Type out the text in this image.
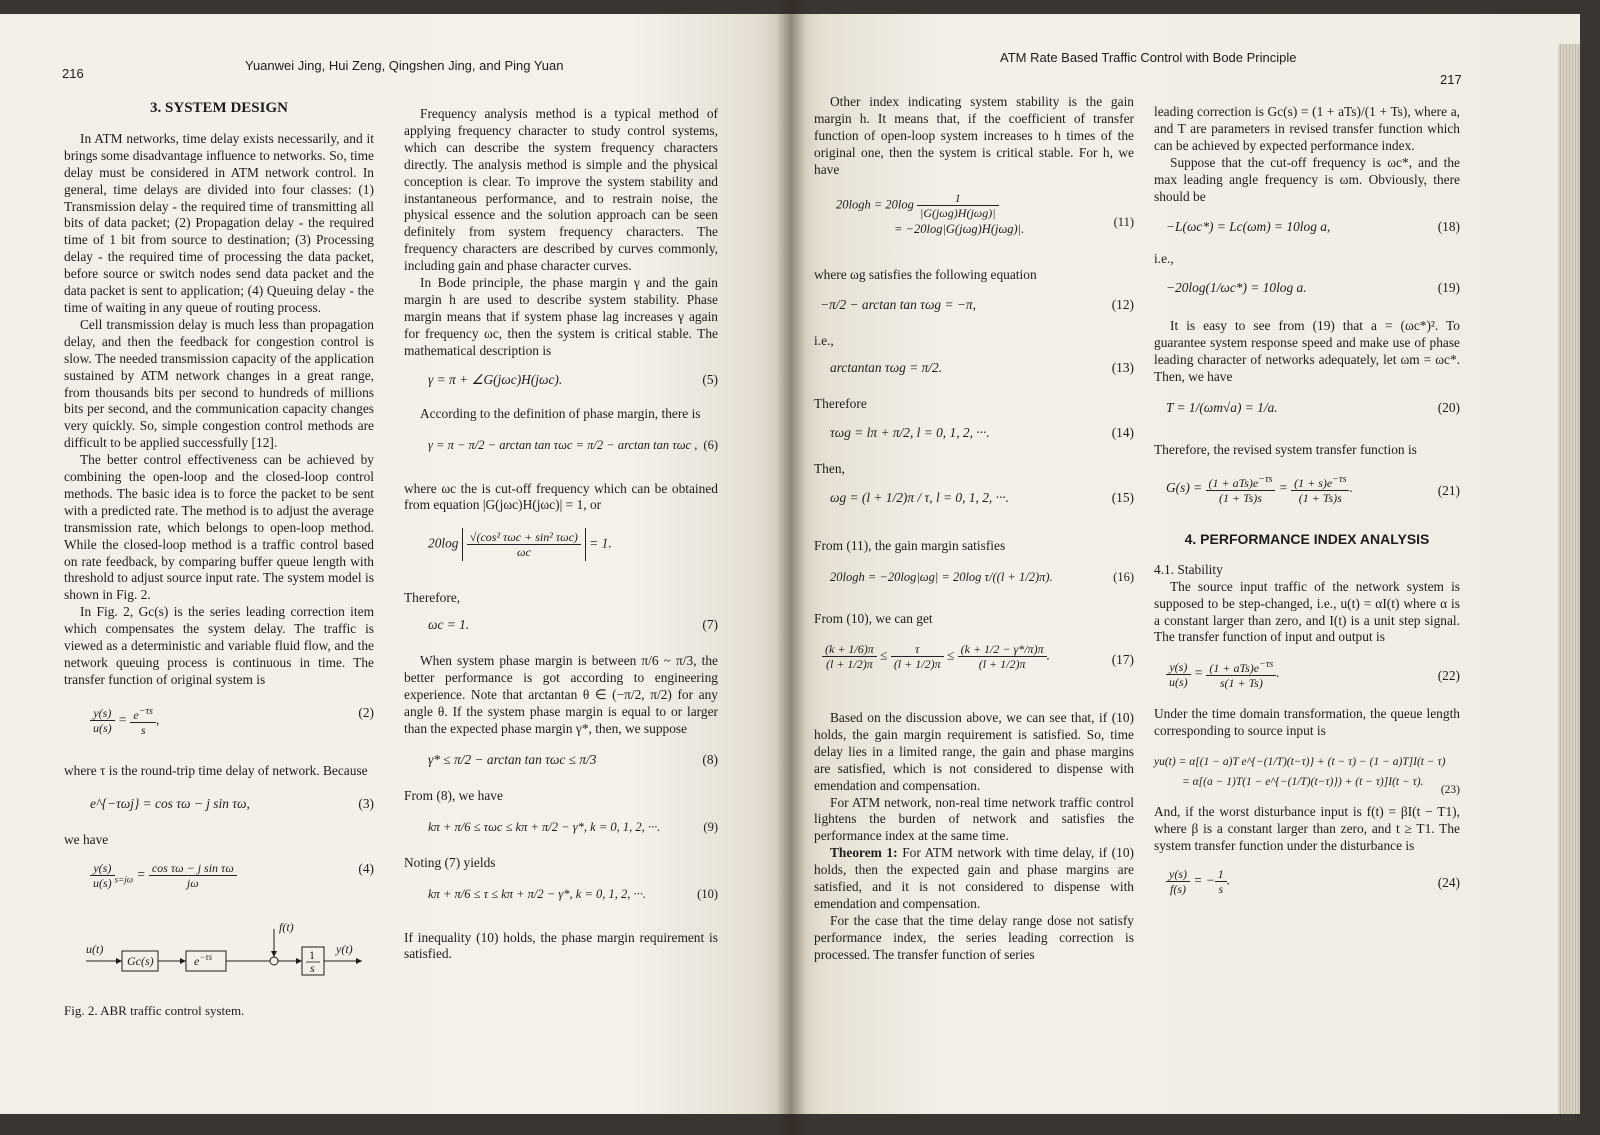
216
Yuanwei Jing, Hui Zeng, Qingshen Jing, and Ping Yuan
3. SYSTEM DESIGN

In ATM networks, time delay exists necessarily, and it brings some disadvantage influence to networks. So, time delay must be considered in ATM network control. In general, time delays are divided into four classes: (1) Transmission delay - the required time of transmitting all bits of data packet; (2) Propagation delay - the required time of 1 bit from source to destination; (3) Processing delay - the required time of processing the data packet, before source or switch nodes send data packet and the data packet is sent to application; (4) Queuing delay - the time of waiting in any queue of routing process.

Cell transmission delay is much less than propagation delay, and then the feedback for congestion control is slow. The needed transmission capacity of the application sustained by ATM network changes in a great range, from thousands bits per second to hundreds of millions bits per second, and the communication capacity changes very quickly. So, simple congestion control methods are difficult to be applied successfully [12].

The better control effectiveness can be achieved by combining the open-loop and the closed-loop control methods. The basic idea is to force the packet to be sent with a predicted rate. The method is to adjust the average transmission rate, which belongs to open-loop method. While the closed-loop method is a traffic control based on rate feedback, by comparing buffer queue length with threshold to adjust source input rate. The system model is shown in Fig. 2.

In Fig. 2, Gc(s) is the series leading correction item which compensates the system delay. The traffic is viewed as a deterministic and variable fluid flow, and the network queuing process is continuous in time. The transfer function of original system is

$\frac{y(s)}{u(s)} = \frac{e^{-\tau s}}{s}$ ,	(2)

where τ is the round-trip time delay of network. Because

e^{−τωj} = cos τω − j sin τω,	(3)

we have

$\frac{y(s)}{u(s)} _{s=j\omega} = \frac{\text{cos τω − j sin τω}}{j\omega}$	(4)
u(t)
Gc(s)	$e^{-\tau s}$
f(t)
1
s
y(t)
Fig. 2. ABR traffic control system.

Frequency analysis method is a typical method of applying frequency character to study control systems, which can describe the system frequency characters directly. The analysis method is simple and the physical conception is clear. To improve the system stability and instantaneous performance, and to restrain noise, the physical essence and the solution approach can be seen definitely from system frequency characters. The frequency characters are described by curves commonly, including gain and phase character curves.

In Bode principle, the phase margin γ and the gain margin h are used to describe system stability. Phase margin means that if system phase lag increases γ again for frequency ωc, then the system is critical stable. The mathematical description is

γ = π + ∠G(jωc)H(jωc).	(5)

According to the definition of phase margin, there is

γ = π − π/2 − arctan tan τωc = π/2 − arctan tan τωc , (6)

where ωc the is cut-off frequency which can be obtained from equation |G(jωc)H(jωc)| = 1, or

20log √(cos² τωc + sin² τωc)
ωc
= 1.

Therefore,

ωc = 1.	(7)

When system phase margin is between π/6 ~ π/3, the better performance is got according to engineering experience. Note that arctantan θ ∈ (−π/2, π/2) for any angle θ. If the system phase margin is equal to or larger than the expected phase margin γ*, then, we suppose

γ* ≤ π/2 − arctan tan τωc ≤ π/3	(8)

From (8), we have

kπ + π/6 ≤ τωc ≤ kπ + π/2 − γ*, k = 0, 1, 2, ···.	(9)

Noting (7) yields

kπ + π/6 ≤ τ ≤ kπ + π/2 − γ*, k = 0, 1, 2, ···.	(10)

If inequality (10) holds, the phase margin requirement is satisfied.

ATM Rate Based Traffic Control with Bode Principle
217

Other index indicating system stability is the gain margin h. It means that, if the coefficient of transfer function of open-loop system increases to h times of the original one, then the system is critical stable. For h, we have

20logh = 20log	1
|G(jωg)H(jωg)|

= −20log|G(jωg)H(jωg)|.	(11)

where ωg satisfies the following equation

−π/2 − arctan tan τωg = −π,	(12)

i.e.,

arctantan τωg = π/2.	(13)

Therefore

τωg = lπ + π/2, l = 0, 1, 2, ···.	(14)

Then,

ωg = (l + 1/2)π / τ, l = 0, 1, 2, ···.	(15)

From (11), the gain margin satisfies

20logh = −20log|ωg| = 20log τ/((l + 1/2)π).	(16)

From (10), we can get

$\frac{(k + 1/6)\pi}{(l + 1/2)\pi} \le \frac{\tau}{(l + 1/2)\pi} \le \frac{(k + 1/2 - \gamma*/\pi)\pi}{(l + 1/2)\pi}$ .	(17)

Based on the discussion above, we can see that, if (10) holds, the gain margin requirement is satisfied. So, time delay lies in a limited range, the gain and phase margins are satisfied, which is not considered to dispense with emendation and compensation.

For ATM network, non-real time network traffic control lightens the burden of network and satisfies the performance index at the same time.

Theorem 1: For ATM network with time delay, if (10) holds, then the expected gain and phase margins are satisfied, and it is not considered to dispense with emendation and compensation.

For the case that the time delay range dose not satisfy performance index, the series leading correction is processed. The transfer function of series

leading correction is Gc(s) = (1 + aTs)/(1 + Ts), where a, and T are parameters in revised transfer function which can be achieved by expected performance index.

Suppose that the cut-off frequency is ωc*, and the max leading angle frequency is ωm. Obviously, there should be

−L(ωc*) = Lc(ωm) = 10log a,	(18)

i.e.,

−20log(1/ωc*) = 10log a.	(19)

It is easy to see from (19) that a = (ωc*)². To guarantee system response speed and make use of phase leading character of networks adequately, let ωm = ωc*. Then, we have

T = 1/(ωm√a) = 1/a.	(20)

Therefore, the revised system transfer function is

$G(s) = (1 + aTs)e^{-\tau s}$
(1 + Ts)s
= $\frac{(1 + s)e^{-\tau s}}{(1 + Ts)s}$ .	(21)
4. PERFORMANCE INDEX ANALYSIS

4.1. Stability

The source input traffic of the network system is supposed to be step-changed, i.e., u(t) = αI(t) where α is a constant larger than zero, and I(t) is a unit step signal. The transfer function of input and output is

$\frac{y(s)}{u(s)} = (1 + aTs)e^{-\tau s}$
s(1 + Ts)
.	(22)

Under the time domain transformation, the queue length corresponding to source input is

yu(t) = α[(1 − a)T e^{−(1/T)(t−τ)} + (t − τ) − (1 − a)T]I(t − τ)
= α[(a − 1)T(1 − e^{−(1/T)(t−τ)}) + (t − τ)]I(t − τ).
(23)

And, if the worst disturbance input is f(t) = βI(t − T1), where β is a constant larger than zero, and t ≥ T1. The system transfer function under the disturbance is

$\frac{y(s)}{f(s)}$ = − $\frac{1}{s}$ .	(24)
